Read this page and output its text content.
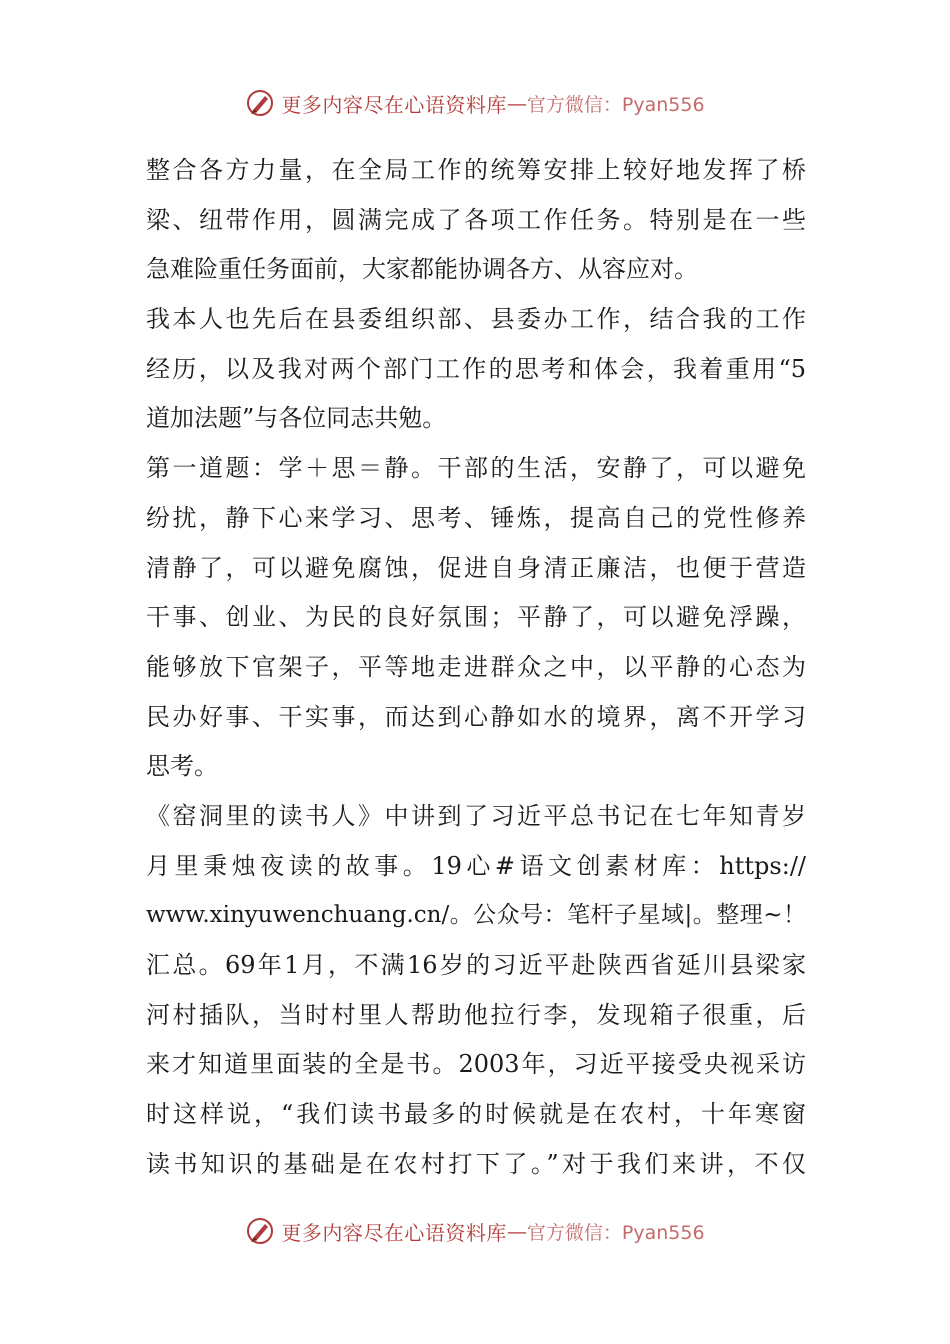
更多内容尽在心语资料库 — 官方微信：Pyan556
整合各方力量，在全局工作的统筹安排上较好地发挥了桥
梁、纽带作用，圆满完成了各项工作任务。特别是在一些
急难险重任务面前，大家都能协调各方、从容应对。
我本人也先后在县委组织部、县委办工作，结合我的工作
经历，以及我对两个部门工作的思考和体会，我着重用“5
道加法题”与各位同志共勉。
第一道题：学＋思＝静。干部的生活，安静了，可以避免
纷扰，静下心来学习、思考、锤炼，提高自己的党性修养
清静了，可以避免腐蚀，促进自身清正廉洁，也便于营造
干事、创业、为民的良好氛围；平静了，可以避免浮躁，
能够放下官架子，平等地走进群众之中，以平静的心态为
民办好事、干实事，而达到心静如水的境界，离不开学习
思考。
《窑洞里的读书人》中讲到了习近平总书记在七年知青岁
月里秉烛夜读的故事。19心#语文创素材库：https://
www.xinyuwenchuang.cn/。公众号：笔杆子星域|。整理~！
汇总。69年1月，不满16岁的习近平赴陕西省延川县梁家
河村插队，当时村里人帮助他拉行李，发现箱子很重，后
来才知道里面装的全是书。2003年，习近平接受央视采访
时这样说，“我们读书最多的时候就是在农村，十年寒窗
读书知识的基础是在农村打下了。”对于我们来讲，不仅
更多内容尽在心语资料库 — 官方微信：Pyan556
